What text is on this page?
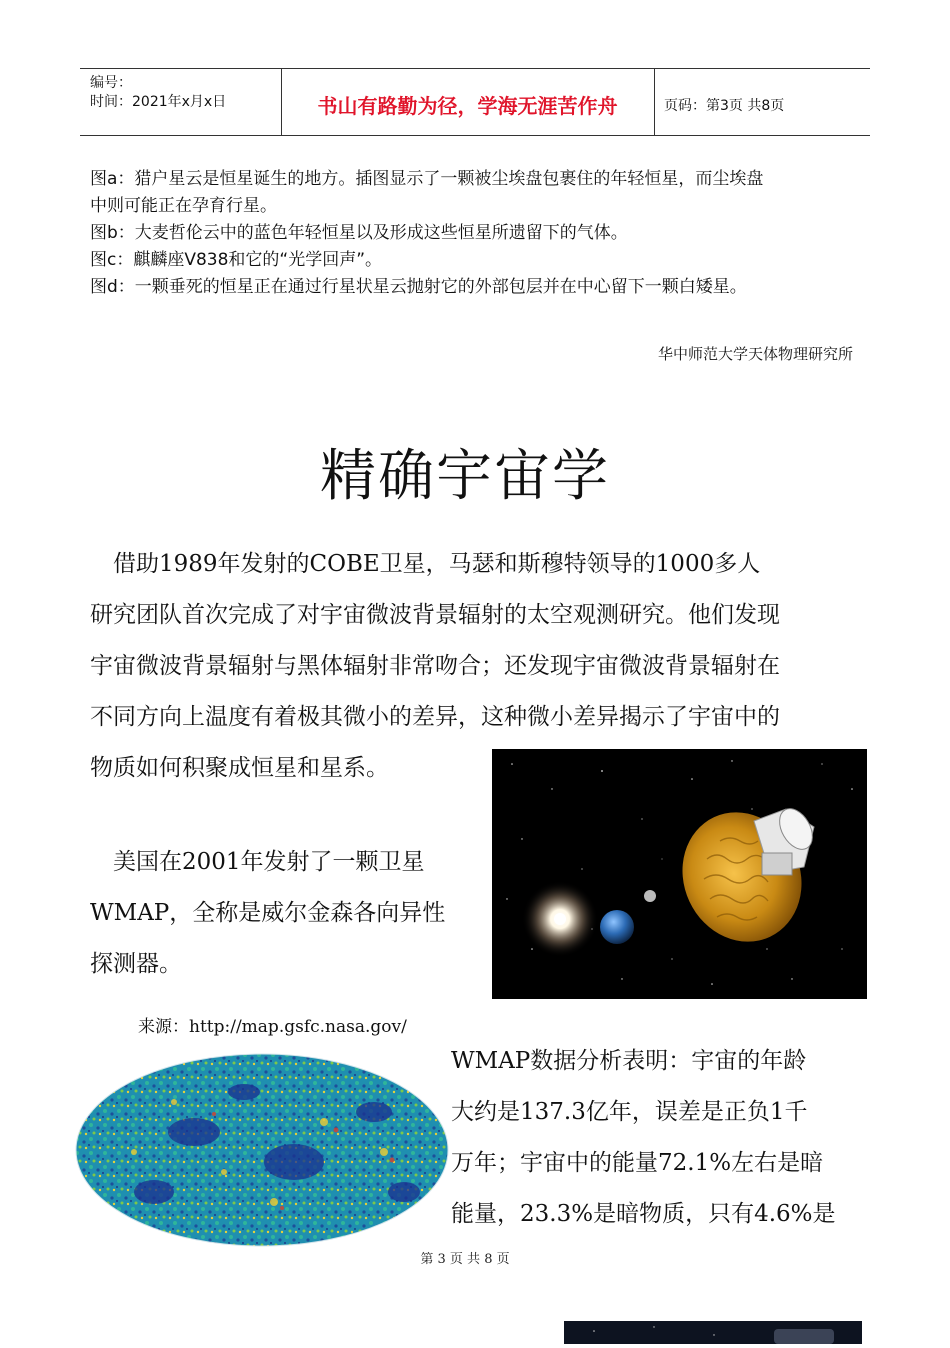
编号：
时间：2021年x月x日	书山有路勤为径，学海无涯苦作舟	页码：第3页 共8页
图a：猎户星云是恒星诞生的地方。插图显示了一颗被尘埃盘包裹住的年轻恒星，而尘埃盘
中则可能正在孕育行星。
图b：大麦哲伦云中的蓝色年轻恒星以及形成这些恒星所遗留下的气体。
图c：麒麟座V838和它的“光学回声”。
图d：一颗垂死的恒星正在通过行星状星云抛射它的外部包层并在中心留下一颗白矮星。
华中师范大学天体物理研究所
精确宇宙学
　借助1989年发射的COBE卫星，马瑟和斯穆特领导的1000多人
研究团队首次完成了对宇宙微波背景辐射的太空观测研究。他们发现
宇宙微波背景辐射与黑体辐射非常吻合；还发现宇宙微波背景辐射在
不同方向上温度有着极其微小的差异，这种微小差异揭示了宇宙中的
物质如何积聚成恒星和星系。
　美国在2001年发射了一颗卫星
WMAP，全称是威尔金森各向异性
探测器。
来源：http://map.gsfc.nasa.gov/
WMAP数据分析表明：宇宙的年龄
大约是137.3亿年，误差是正负1千
万年；宇宙中的能量72.1%左右是暗
能量，23.3%是暗物质，只有4.6%是
第 3 页 共 8 页
